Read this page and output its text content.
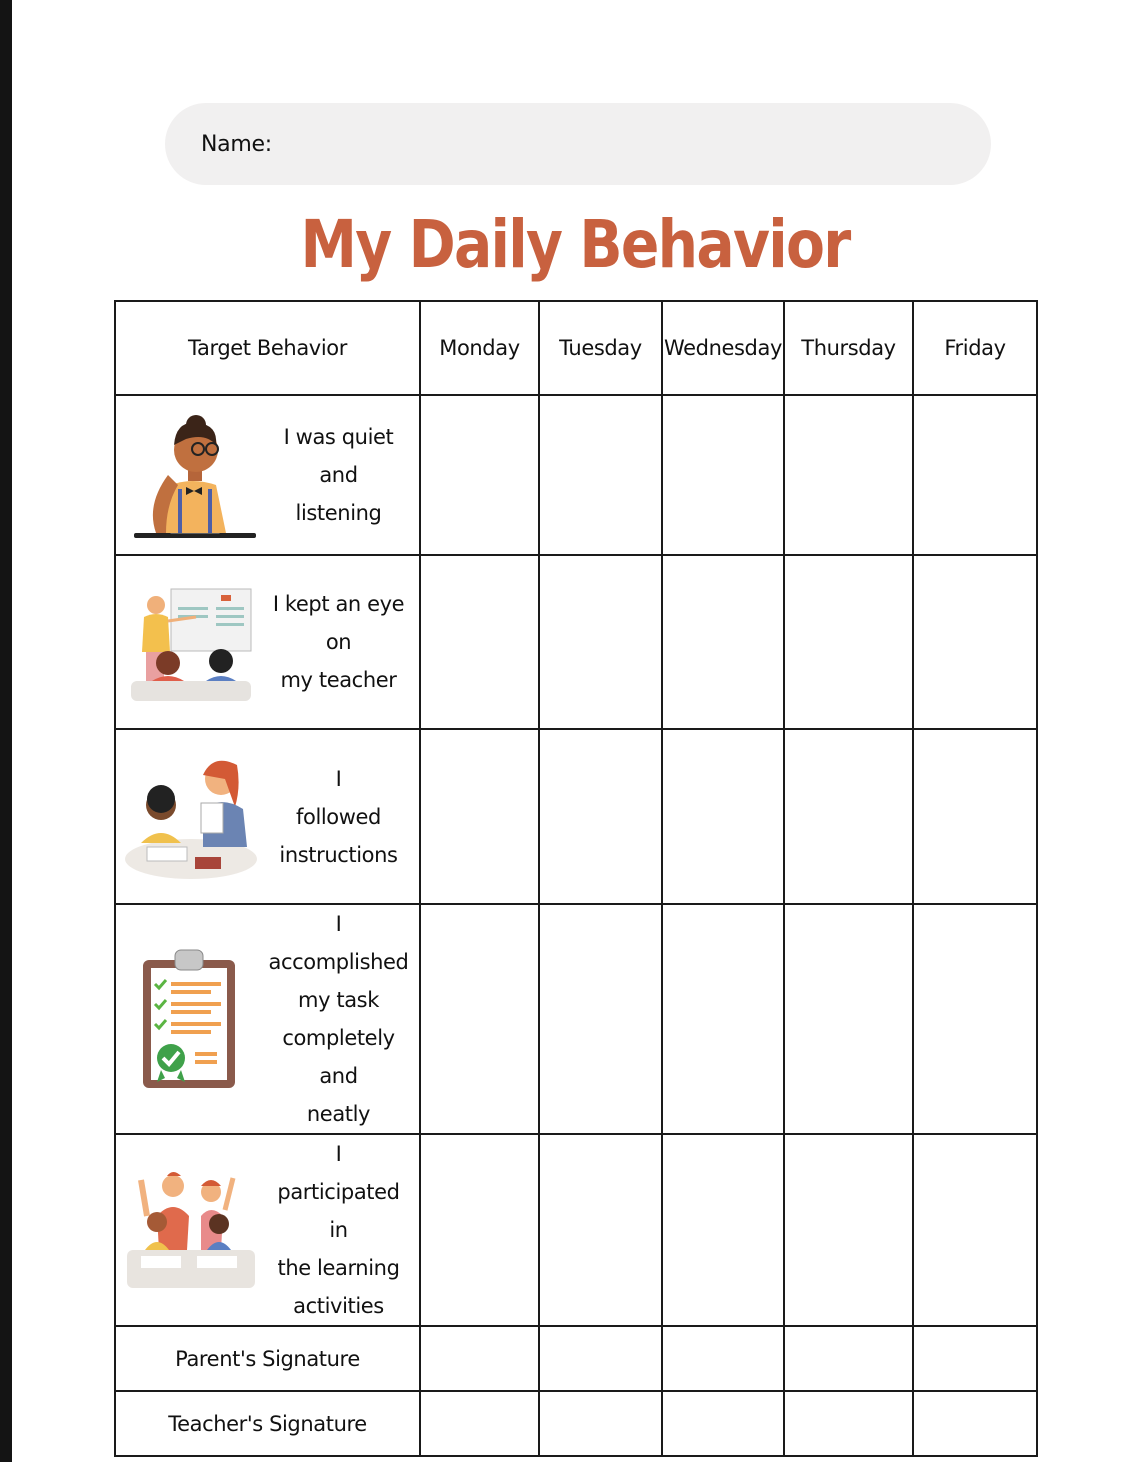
Name:
My Daily Behavior
Target Behavior	Monday	Tuesday	Wednesday	Thursday	Friday

I was quiet and
listening					

I kept an eye on
my teacher					

I
followed
instructions					

I accomplished
my task
completely and
neatly					

I
participated in
the learning
activities					

Parent's Signature					
Teacher's Signature					
